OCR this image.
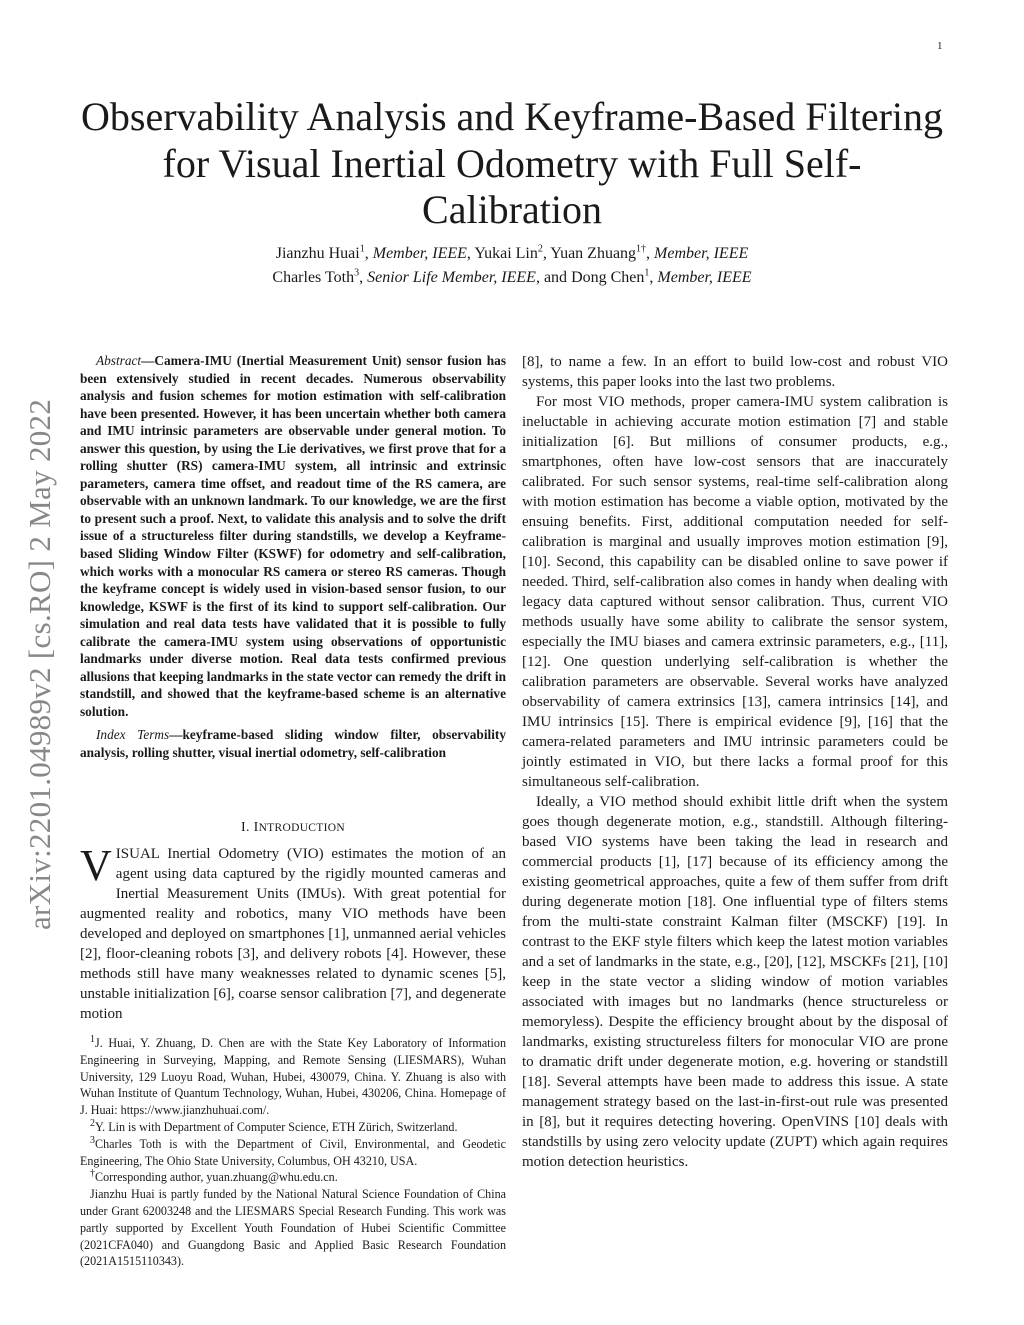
1
arXiv:2201.04989v2 [cs.RO] 2 May 2022
Observability Analysis and Keyframe-Based Filtering for Visual Inertial Odometry with Full Self-Calibration
Jianzhu Huai$^1$, Member, IEEE, Yukai Lin$^2$, Yuan Zhuang$^{1\dagger}$, Member, IEEE
Charles Toth$^3$, Senior Life Member, IEEE, and Dong Chen$^1$, Member, IEEE

Abstract—Camera-IMU (Inertial Measurement Unit) sensor fusion has been extensively studied in recent decades. Numerous observability analysis and fusion schemes for motion estimation with self-calibration have been presented. However, it has been uncertain whether both camera and IMU intrinsic parameters are observable under general motion. To answer this question, by using the Lie derivatives, we first prove that for a rolling shutter (RS) camera-IMU system, all intrinsic and extrinsic parameters, camera time offset, and readout time of the RS camera, are observable with an unknown landmark. To our knowledge, we are the first to present such a proof. Next, to validate this analysis and to solve the drift issue of a structureless filter during standstills, we develop a Keyframe-based Sliding Window Filter (KSWF) for odometry and self-calibration, which works with a monocular RS camera or stereo RS cameras. Though the keyframe concept is widely used in vision-based sensor fusion, to our knowledge, KSWF is the first of its kind to support self-calibration. Our simulation and real data tests have validated that it is possible to fully calibrate the camera-IMU system using observations of opportunistic landmarks under diverse motion. Real data tests confirmed previous allusions that keeping landmarks in the state vector can remedy the drift in standstill, and showed that the keyframe-based scheme is an alternative solution.

Index Terms—keyframe-based sliding window filter, observability analysis, rolling shutter, visual inertial odometry, self-calibration

I. INTRODUCTION

VISUAL Inertial Odometry (VIO) estimates the motion of an agent using data captured by the rigidly mounted cameras and Inertial Measurement Units (IMUs). With great potential for augmented reality and robotics, many VIO methods have been developed and deployed on smartphones [1], unmanned aerial vehicles [2], floor-cleaning robots [3], and delivery robots [4]. However, these methods still have many weaknesses related to dynamic scenes [5], unstable initialization [6], coarse sensor calibration [7], and degenerate motion

$^1$J. Huai, Y. Zhuang, D. Chen are with the State Key Laboratory of Information Engineering in Surveying, Mapping, and Remote Sensing (LIESMARS), Wuhan University, 129 Luoyu Road, Wuhan, Hubei, 430079, China. Y. Zhuang is also with Wuhan Institute of Quantum Technology, Wuhan, Hubei, 430206, China. Homepage of J. Huai: https://www.jianzhuhuai.com/.

$^2$Y. Lin is with Department of Computer Science, ETH Zürich, Switzerland.

$^3$Charles Toth is with the Department of Civil, Environmental, and Geodetic Engineering, The Ohio State University, Columbus, OH 43210, USA.

†Corresponding author, yuan.zhuang@whu.edu.cn.

Jianzhu Huai is partly funded by the National Natural Science Foundation of China under Grant 62003248 and the LIESMARS Special Research Funding. This work was partly supported by Excellent Youth Foundation of Hubei Scientific Committee (2021CFA040) and Guangdong Basic and Applied Basic Research Foundation (2021A1515110343).

[8], to name a few. In an effort to build low-cost and robust VIO systems, this paper looks into the last two problems.

For most VIO methods, proper camera-IMU system calibration is ineluctable in achieving accurate motion estimation [7] and stable initialization [6]. But millions of consumer products, e.g., smartphones, often have low-cost sensors that are inaccurately calibrated. For such sensor systems, real-time self-calibration along with motion estimation has become a viable option, motivated by the ensuing benefits. First, additional computation needed for self-calibration is marginal and usually improves motion estimation [9], [10]. Second, this capability can be disabled online to save power if needed. Third, self-calibration also comes in handy when dealing with legacy data captured without sensor calibration. Thus, current VIO methods usually have some ability to calibrate the sensor system, especially the IMU biases and camera extrinsic parameters, e.g., [11], [12]. One question underlying self-calibration is whether the calibration parameters are observable. Several works have analyzed observability of camera extrinsics [13], camera intrinsics [14], and IMU intrinsics [15]. There is empirical evidence [9], [16] that the camera-related parameters and IMU intrinsic parameters could be jointly estimated in VIO, but there lacks a formal proof for this simultaneous self-calibration.

Ideally, a VIO method should exhibit little drift when the system goes though degenerate motion, e.g., standstill. Although filtering-based VIO systems have been taking the lead in research and commercial products [1], [17] because of its efficiency among the existing geometrical approaches, quite a few of them suffer from drift during degenerate motion [18]. One influential type of filters stems from the multi-state constraint Kalman filter (MSCKF) [19]. In contrast to the EKF style filters which keep the latest motion variables and a set of landmarks in the state, e.g., [20], [12], MSCKFs [21], [10] keep in the state vector a sliding window of motion variables associated with images but no landmarks (hence structureless or memoryless). Despite the efficiency brought about by the disposal of landmarks, existing structureless filters for monocular VIO are prone to dramatic drift under degenerate motion, e.g. hovering or standstill [18]. Several attempts have been made to address this issue. A state management strategy based on the last-in-first-out rule was presented in [8], but it requires detecting hovering. OpenVINS [10] deals with standstills by using zero velocity update (ZUPT) which again requires motion detection heuristics.
